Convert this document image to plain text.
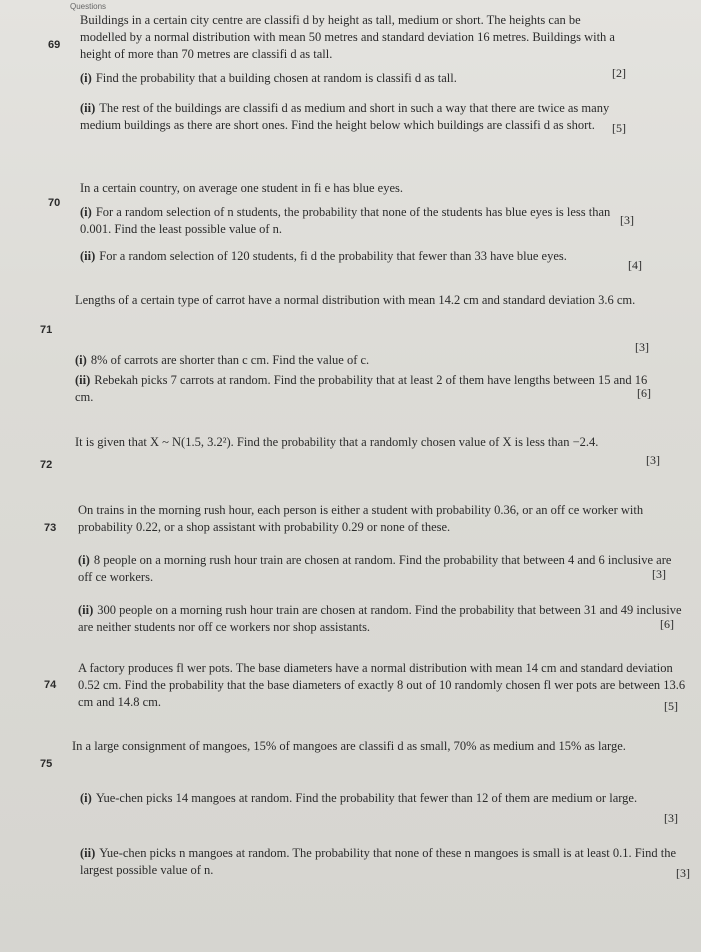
Questions
69
Buildings in a certain city centre are classifi d by height as tall, medium or short. The heights can be modelled by a normal distribution with mean 50 metres and standard deviation 16 metres. Buildings with a height of more than 70 metres are classifi d as tall.
(i) Find the probability that a building chosen at random is classifi d as tall.	[2]
(ii) The rest of the buildings are classifi d as medium and short in such a way that there are twice as many medium buildings as there are short ones. Find the height below which buildings are classifi d as short.	[5]
70
In a certain country, on average one student in fi e has blue eyes.
(i) For a random selection of n students, the probability that none of the students has blue eyes is less than 0.001. Find the least possible value of n.
[3]
(ii) For a random selection of 120 students, fi d the probability that fewer than 33 have blue eyes.
[4]
71
Lengths of a certain type of carrot have a normal distribution with mean 14.2 cm and standard deviation 3.6 cm.
(i) 8% of carrots are shorter than c cm. Find the value of c.
[3]
(ii) Rebekah picks 7 carrots at random. Find the probability that at least 2 of them have lengths between 15 and 16 cm.	[6]
72
It is given that X ~ N(1.5, 3.2²). Find the probability that a randomly chosen value of X is less than −2.4.
[3]
73
On trains in the morning rush hour, each person is either a student with probability 0.36, or an off ce worker with probability 0.22, or a shop assistant with probability 0.29 or none of these.
(i) 8 people on a morning rush hour train are chosen at random. Find the probability that between 4 and 6 inclusive are off ce workers.	[3]
(ii) 300 people on a morning rush hour train are chosen at random. Find the probability that between 31 and 49 inclusive are neither students nor off ce workers nor shop assistants.	[6]
74
A factory produces fl wer pots. The base diameters have a normal distribution with mean 14 cm and standard deviation 0.52 cm. Find the probability that the base diameters of exactly 8 out of 10 randomly chosen fl wer pots are between 13.6 cm and 14.8 cm.	[5]
75
In a large consignment of mangoes, 15% of mangoes are classifi d as small, 70% as medium and 15% as large.
(i) Yue-chen picks 14 mangoes at random. Find the probability that fewer than 12 of them are medium or large.
[3]
(ii) Yue-chen picks n mangoes at random. The probability that none of these n mangoes is small is at least 0.1. Find the largest possible value of n.	[3]
